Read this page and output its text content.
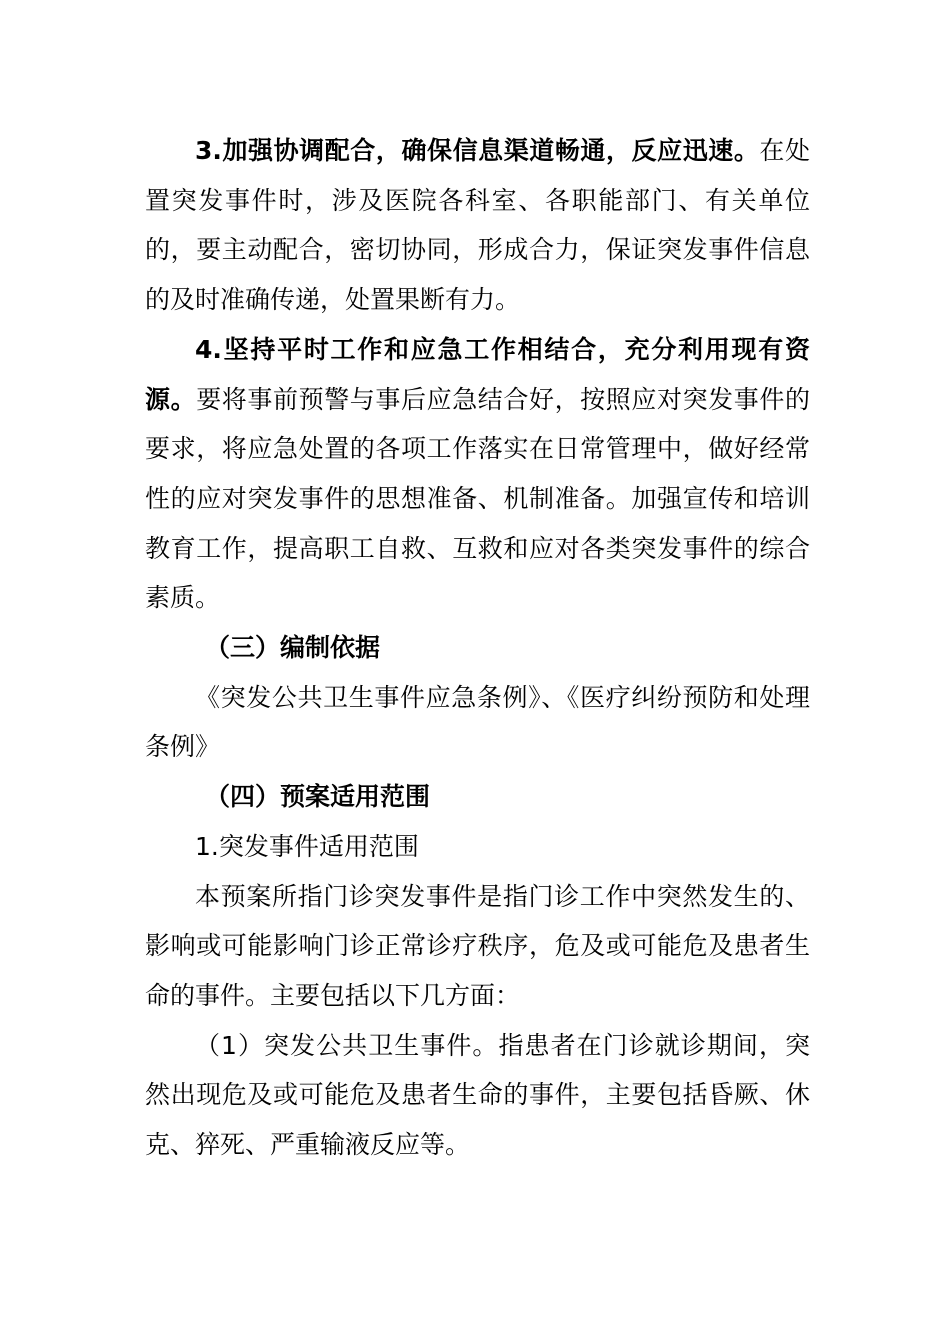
3.加强协调配合，确保信息渠道畅通，反应迅速。在处置突发事件时，涉及医院各科室、各职能部门、有关单位的，要主动配合，密切协同，形成合力，保证突发事件信息的及时准确传递，处置果断有力。

4.坚持平时工作和应急工作相结合，充分利用现有资源。要将事前预警与事后应急结合好，按照应对突发事件的要求，将应急处置的各项工作落实在日常管理中，做好经常性的应对突发事件的思想准备、机制准备。加强宣传和培训教育工作，提高职工自救、互救和应对各类突发事件的综合素质。

（三）编制依据

《突发公共卫生事件应急条例》、《医疗纠纷预防和处理条例》

（四）预案适用范围

1.突发事件适用范围

本预案所指门诊突发事件是指门诊工作中突然发生的、影响或可能影响门诊正常诊疗秩序，危及或可能危及患者生命的事件。主要包括以下几方面：

（1）突发公共卫生事件。指患者在门诊就诊期间，突然出现危及或可能危及患者生命的事件，主要包括昏厥、休克、猝死、严重输液反应等。
